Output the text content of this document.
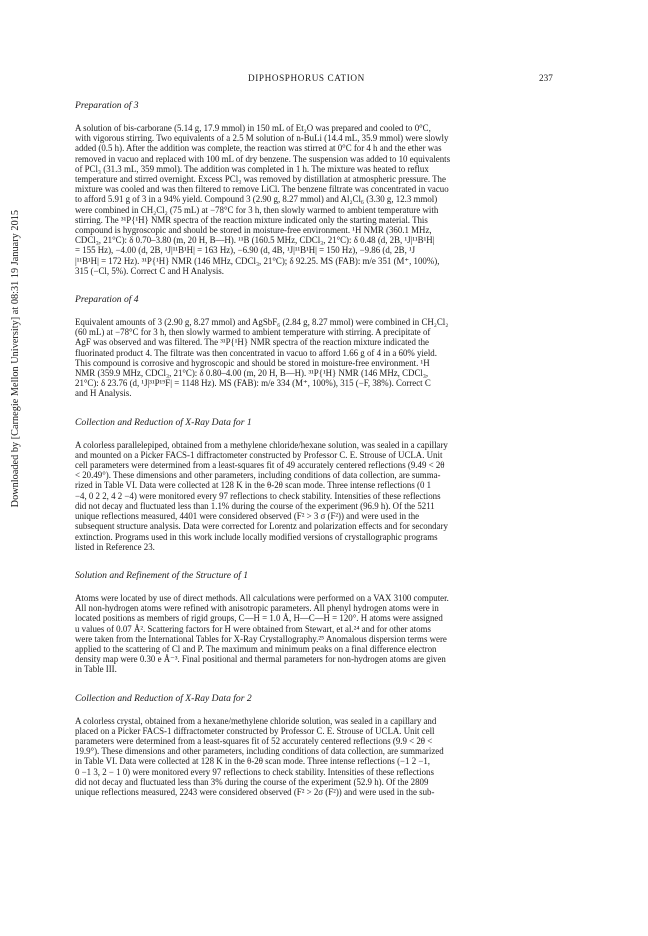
Downloaded by [Carnegie Mellon University] at 08:31 19 January 2015
DIPHOSPHORUS CATION	237

Preparation of 3

A solution of bis-carborane (5.14 g, 17.9 mmol) in 150 mL of Et₂O was prepared and cooled to 0°C,
with vigorous stirring. Two equivalents of a 2.5 M solution of n-BuLi (14.4 mL, 35.9 mmol) were slowly
added (0.5 h). After the addition was complete, the reaction was stirred at 0°C for 4 h and the ether was
removed in vacuo and replaced with 100 mL of dry benzene. The suspension was added to 10 equivalents
of PCl₃ (31.3 mL, 359 mmol). The addition was completed in 1 h. The mixture was heated to reflux
temperature and stirred overnight. Excess PCl₃ was removed by distillation at atmospheric pressure. The
mixture was cooled and was then filtered to remove LiCl. The benzene filtrate was concentrated in vacuo
to afford 5.91 g of 3 in a 94% yield. Compound 3 (2.90 g, 8.27 mmol) and Al₂Cl₆ (3.30 g, 12.3 mmol)
were combined in CH₂Cl₂ (75 mL) at −78°C for 3 h, then slowly warmed to ambient temperature with
stirring. The ³¹P{¹H} NMR spectra of the reaction mixture indicated only the starting material. This
compound is hygroscopic and should be stored in moisture-free environment. ¹H NMR (360.1 MHz,
CDCl₃, 21°C): δ 0.70–3.80 (m, 20 H, B—H). ¹¹B (160.5 MHz, CDCl₃, 21°C): δ 0.48 (d, 2B, ¹J|¹¹B¹H|
= 155 Hz), −4.00 (d, 2B, ¹J|¹¹B¹H| = 163 Hz), −6.90 (d, 4B, ¹J|¹¹B¹H| = 150 Hz), −9.86 (d, 2B, ¹J
|¹¹B¹H| = 172 Hz). ³¹P{¹H} NMR (146 MHz, CDCl₃, 21°C); δ 92.25. MS (FAB): m/e 351 (M⁺, 100%),
315 (−Cl, 5%). Correct C and H Analysis.

Preparation of 4

Equivalent amounts of 3 (2.90 g, 8.27 mmol) and AgSbF₆ (2.84 g, 8.27 mmol) were combined in CH₂Cl₂
(60 mL) at −78°C for 3 h, then slowly warmed to ambient temperature with stirring. A precipitate of
AgF was observed and was filtered. The ³¹P{¹H} NMR spectra of the reaction mixture indicated the
fluorinated product 4. The filtrate was then concentrated in vacuo to afford 1.66 g of 4 in a 60% yield.
This compound is corrosive and hygroscopic and should be stored in moisture-free environment. ¹H
NMR (359.9 MHz, CDCl₃, 21°C): δ 0.80–4.00 (m, 20 H, B—H). ³¹P{¹H} NMR (146 MHz, CDCl₃,
21°C): δ 23.76 (d, ¹J|³¹P¹⁹F| = 1148 Hz). MS (FAB): m/e 334 (M⁺, 100%), 315 (−F, 38%). Correct C
and H Analysis.

Collection and Reduction of X-Ray Data for 1

A colorless parallelepiped, obtained from a methylene chloride/hexane solution, was sealed in a capillary
and mounted on a Picker FACS-1 diffractometer constructed by Professor C. E. Strouse of UCLA. Unit
cell parameters were determined from a least-squares fit of 49 accurately centered reflections (9.49 < 2θ
< 20.49°). These dimensions and other parameters, including conditions of data collection, are summa-
rized in Table VI. Data were collected at 128 K in the θ-2θ scan mode. Three intense reflections (0 1
−4, 0 2 2, 4 2 −4) were monitored every 97 reflections to check stability. Intensities of these reflections
did not decay and fluctuated less than 1.1% during the course of the experiment (96.9 h). Of the 5211
unique reflections measured, 4401 were considered observed (F² > 3 σ (F²)) and were used in the
subsequent structure analysis. Data were corrected for Lorentz and polarization effects and for secondary
extinction. Programs used in this work include locally modified versions of crystallographic programs
listed in Reference 23.

Solution and Refinement of the Structure of 1

Atoms were located by use of direct methods. All calculations were performed on a VAX 3100 computer.
All non-hydrogen atoms were refined with anisotropic parameters. All phenyl hydrogen atoms were in
located positions as members of rigid groups, C—H = 1.0 Å, H—C—H = 120°. H atoms were assigned
u values of 0.07 Å². Scattering factors for H were obtained from Stewart, et al.²⁴ and for other atoms
were taken from the International Tables for X-Ray Crystallography.²⁵ Anomalous dispersion terms were
applied to the scattering of Cl and P. The maximum and minimum peaks on a final difference electron
density map were 0.30 e Å⁻³. Final positional and thermal parameters for non-hydrogen atoms are given
in Table III.

Collection and Reduction of X-Ray Data for 2

A colorless crystal, obtained from a hexane/methylene chloride solution, was sealed in a capillary and
placed on a Picker FACS-1 diffractometer constructed by Professor C. E. Strouse of UCLA. Unit cell
parameters were determined from a least-squares fit of 52 accurately centered reflections (9.9 < 2θ <
19.9°). These dimensions and other parameters, including conditions of data collection, are summarized
in Table VI. Data were collected at 128 K in the θ-2θ scan mode. Three intense reflections (−1 2 −1,
0 −1 3, 2 − 1 0) were monitored every 97 reflections to check stability. Intensities of these reflections
did not decay and fluctuated less than 3% during the course of the experiment (52.9 h). Of the 2809
unique reflections measured, 2243 were considered observed (F² > 2σ (F²)) and were used in the sub-
